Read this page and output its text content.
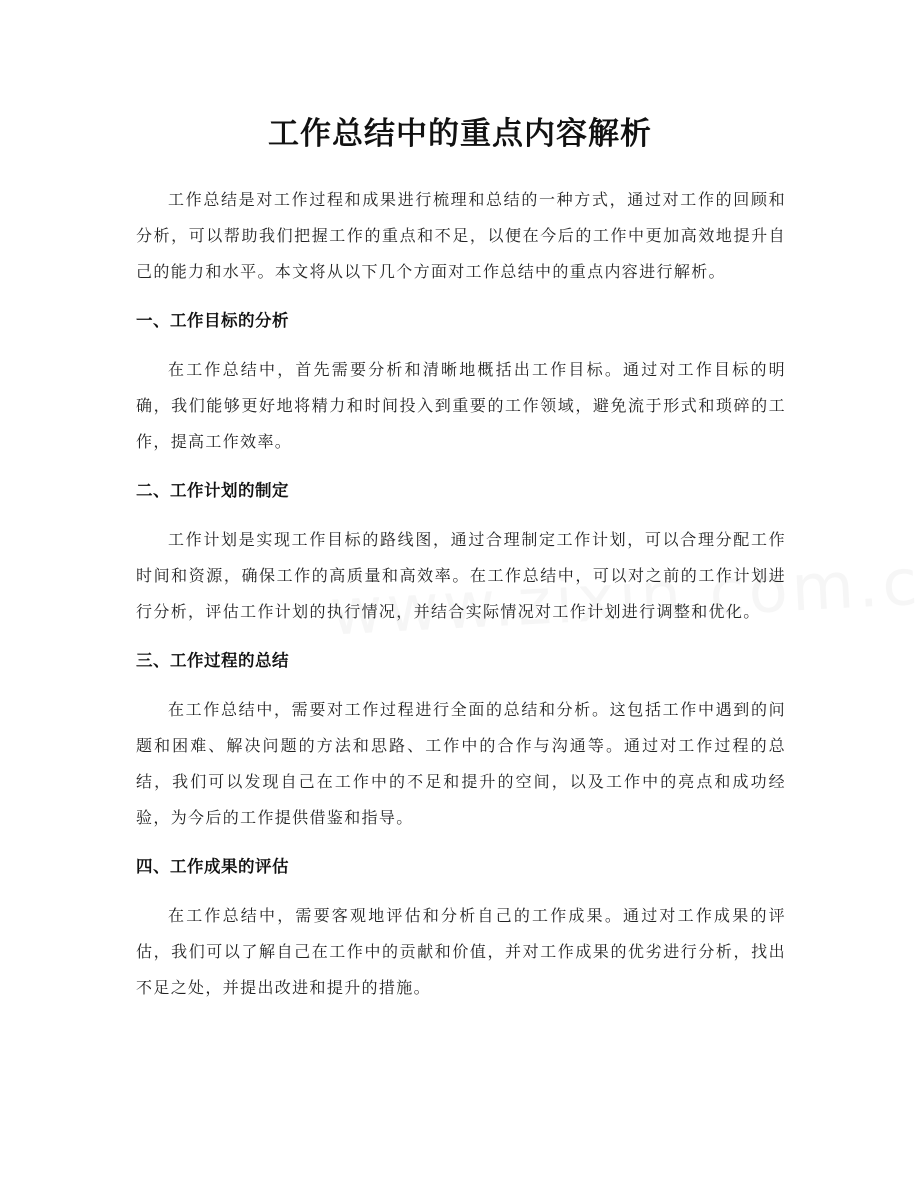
工作总结中的重点内容解析

工作总结是对工作过程和成果进行梳理和总结的一种方式，通过对工作的回顾和分析，可以帮助我们把握工作的重点和不足，以便在今后的工作中更加高效地提升自己的能力和水平。本文将从以下几个方面对工作总结中的重点内容进行解析。

一、工作目标的分析

在工作总结中，首先需要分析和清晰地概括出工作目标。通过对工作目标的明确，我们能够更好地将精力和时间投入到重要的工作领域，避免流于形式和琐碎的工作，提高工作效率。

二、工作计划的制定

工作计划是实现工作目标的路线图，通过合理制定工作计划，可以合理分配工作时间和资源，确保工作的高质量和高效率。在工作总结中，可以对之前的工作计划进行分析，评估工作计划的执行情况，并结合实际情况对工作计划进行调整和优化。

三、工作过程的总结

在工作总结中，需要对工作过程进行全面的总结和分析。这包括工作中遇到的问题和困难、解决问题的方法和思路、工作中的合作与沟通等。通过对工作过程的总结，我们可以发现自己在工作中的不足和提升的空间，以及工作中的亮点和成功经验，为今后的工作提供借鉴和指导。

四、工作成果的评估

在工作总结中，需要客观地评估和分析自己的工作成果。通过对工作成果的评估，我们可以了解自己在工作中的贡献和价值，并对工作成果的优劣进行分析，找出不足之处，并提出改进和提升的措施。
